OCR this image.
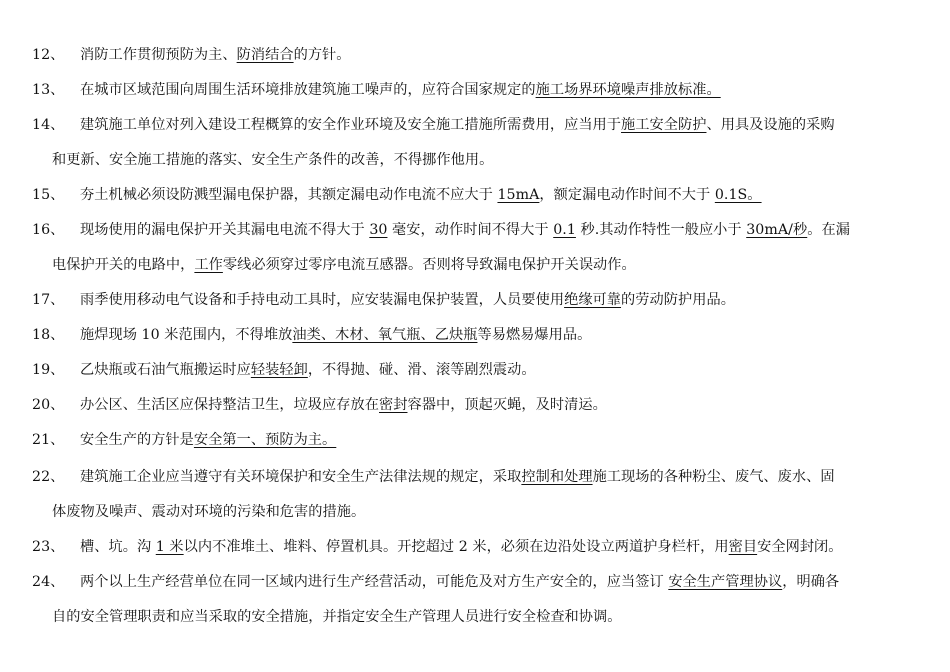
12、	消防工作贯彻预防为主、防消结合的方针。
13、	在城市区域范围向周围生活环境排放建筑施工噪声的，应符合国家规定的施工场界环境噪声排放标准。
14、	建筑施工单位对列入建设工程概算的安全作业环境及安全施工措施所需费用，应当用于施工安全防护、用具及设施的采购
和更新、安全施工措施的落实、安全生产条件的改善，不得挪作他用。
15、	夯土机械必须设防溅型漏电保护器，其额定漏电动作电流不应大于 15mA，额定漏电动作时间不大于 0.1S。
16、	现场使用的漏电保护开关其漏电电流不得大于 30 毫安，动作时间不得大于 0.1 秒.其动作特性一般应小于 30mA/秒。在漏
电保护开关的电路中，工作零线必须穿过零序电流互感器。否则将导致漏电保护开关误动作。
17、	雨季使用移动电气设备和手持电动工具时，应安装漏电保护装置，人员要使用绝缘可靠的劳动防护用品。
18、	施焊现场 10 米范围内，不得堆放油类、木材、氧气瓶、乙炔瓶等易燃易爆用品。
19、	乙炔瓶或石油气瓶搬运时应轻装轻卸，不得抛、碰、滑、滚等剧烈震动。
20、	办公区、生活区应保持整洁卫生，垃圾应存放在密封容器中，顶起灭蝇，及时清运。
21、	安全生产的方针是安全第一、预防为主。
22、	建筑施工企业应当遵守有关环境保护和安全生产法律法规的规定，采取控制和处理施工现场的各种粉尘、废气、废水、固
体废物及噪声、震动对环境的污染和危害的措施。
23、	槽、坑。沟 1 米以内不准堆土、堆料、停置机具。开挖超过 2 米，必须在边沿处设立两道护身栏杆，用密目安全网封闭。
24、	两个以上生产经营单位在同一区域内进行生产经营活动，可能危及对方生产安全的，应当签订 安全生产管理协议，明确各
自的安全管理职责和应当采取的安全措施，并指定安全生产管理人员进行安全检查和协调。
